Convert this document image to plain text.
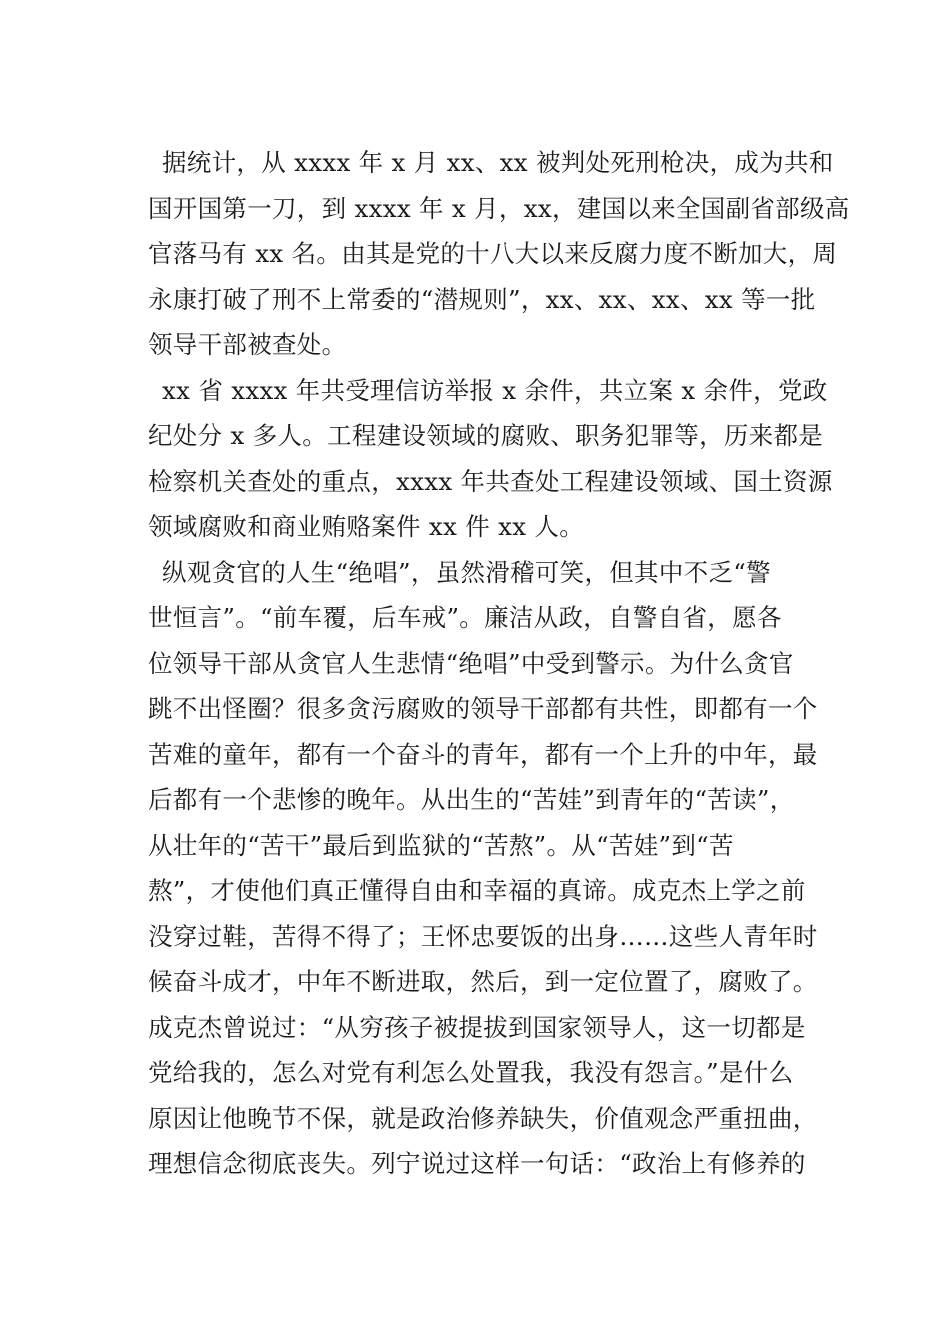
据统计，从 xxxx 年 x 月 xx、xx 被判处死刑枪决，成为共和
国开国第一刀，到 xxxx 年 x 月，xx，建国以来全国副省部级高
官落马有 xx 名。由其是党的十八大以来反腐力度不断加大，周
永康打破了刑不上常委的“潜规则”，xx、xx、xx、xx 等一批
领导干部被查处。
xx 省 xxxx 年共受理信访举报 x 余件，共立案 x 余件，党政
纪处分 x 多人。工程建设领域的腐败、职务犯罪等，历来都是
检察机关查处的重点，xxxx 年共查处工程建设领域、国土资源
领域腐败和商业贿赂案件 xx 件 xx 人。
纵观贪官的人生“绝唱”，虽然滑稽可笑，但其中不乏“警
世恒言”。“前车覆，后车戒”。廉洁从政，自警自省，愿各
位领导干部从贪官人生悲情“绝唱”中受到警示。为什么贪官
跳不出怪圈？很多贪污腐败的领导干部都有共性，即都有一个
苦难的童年，都有一个奋斗的青年，都有一个上升的中年，最
后都有一个悲惨的晚年。从出生的“苦娃”到青年的“苦读”，
从壮年的“苦干”最后到监狱的“苦熬”。从“苦娃”到“苦
熬”，才使他们真正懂得自由和幸福的真谛。成克杰上学之前
没穿过鞋，苦得不得了；王怀忠要饭的出身……这些人青年时
候奋斗成才，中年不断进取，然后，到一定位置了，腐败了。
成克杰曾说过：“从穷孩子被提拔到国家领导人，这一切都是
党给我的，怎么对党有利怎么处置我，我没有怨言。”是什么
原因让他晚节不保，就是政治修养缺失，价值观念严重扭曲，
理想信念彻底丧失。列宁说过这样一句话：“政治上有修养的
